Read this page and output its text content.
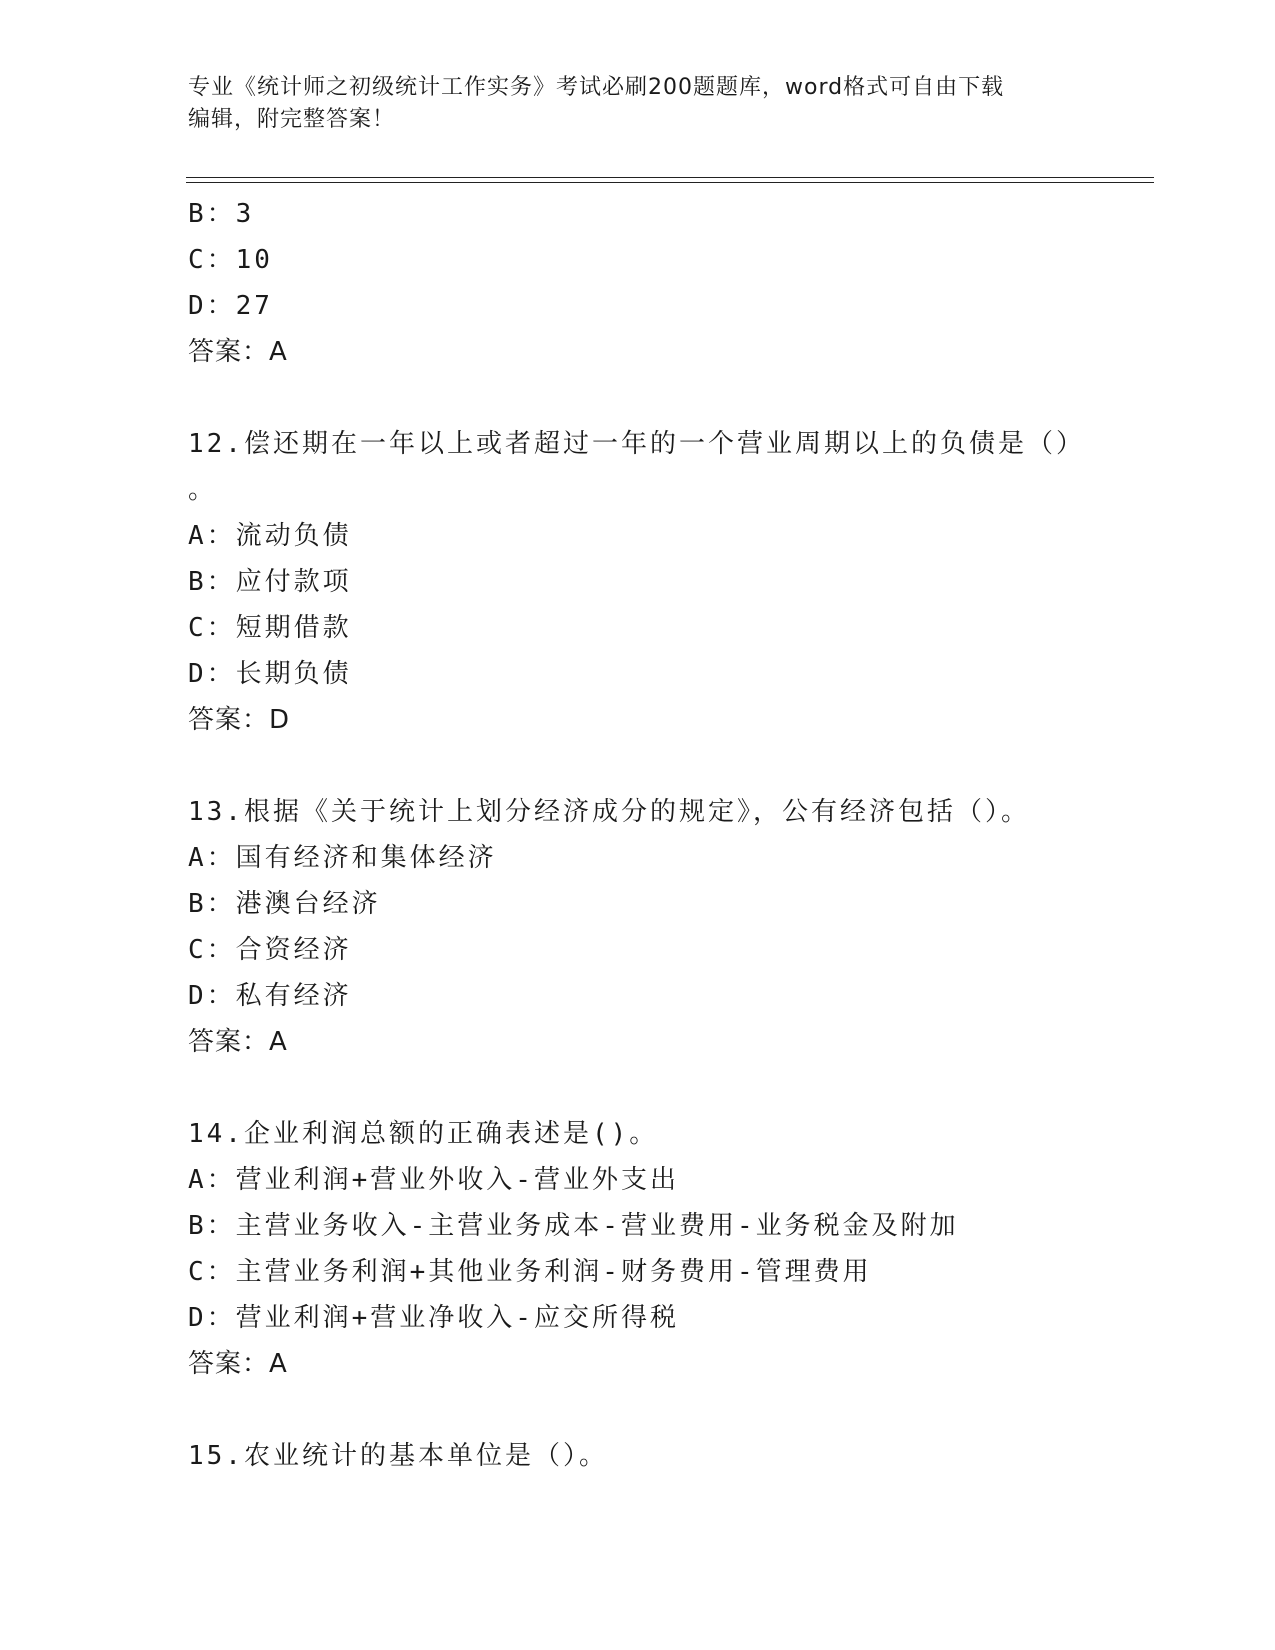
专业《统计师之初级统计工作实务》考试必刷200题题库，word格式可自由下载
编辑，附完整答案！
B：3
C：10
D：27
答案：A
12.偿还期在一年以上或者超过一年的一个营业周期以上的负债是（）
。
A：流动负债
B：应付款项
C：短期借款
D：长期负债
答案：D
13.根据《关于统计上划分经济成分的规定》，公有经济包括（）。
A：国有经济和集体经济
B：港澳台经济
C：合资经济
D：私有经济
答案：A
14.企业利润总额的正确表述是()。
A：营业利润+营业外收入-营业外支出
B：主营业务收入-主营业务成本-营业费用-业务税金及附加
C：主营业务利润+其他业务利润-财务费用-管理费用
D：营业利润+营业净收入-应交所得税
答案：A
15.农业统计的基本单位是（）。
